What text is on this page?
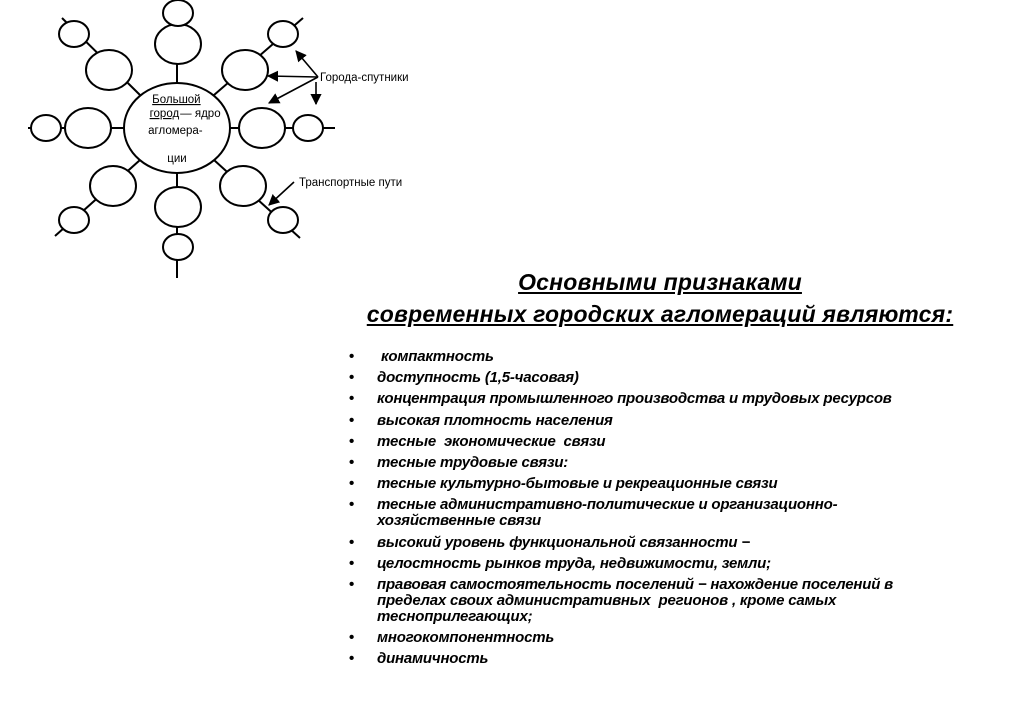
Большой город — ядро агломера- ции
Города-спутники
Транспортные пути
Основными признаками
современных городских агломераций являются:
• компактность
• доступность (1,5-часовая)
• концентрация промышленного производства и трудовых ресурсов
• высокая плотность населения
• тесные  экономические  связи
• тесные трудовые связи:
• тесные культурно-бытовые и рекреационные связи
• тесные административно-политические и организационно-
хозяйственные связи
• высокий уровень функциональной связанности −
• целостность рынков труда, недвижимости, земли;
• правовая самостоятельность поселений − нахождение поселений в
пределах своих административных  регионов , кроме самых
тесноприлегающих;
• многокомпонентность
• динамичность
